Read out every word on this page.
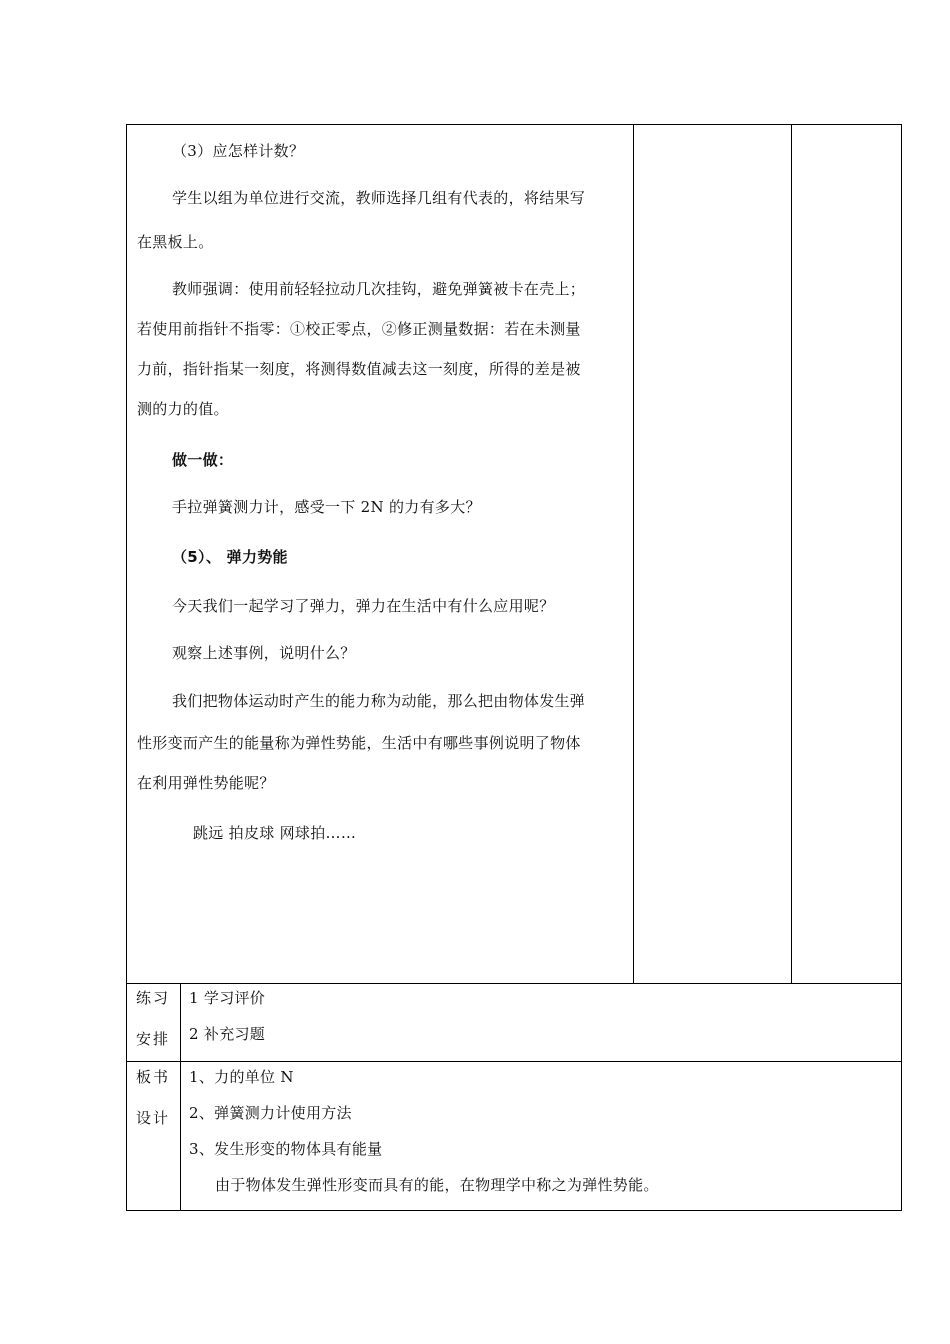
（3）应怎样计数？
学生以组为单位进行交流，教师选择几组有代表的，将结果写
在黑板上。
教师强调：使用前轻轻拉动几次挂钩，避免弹簧被卡在壳上；
若使用前指针不指零：①校正零点，②修正测量数据：若在未测量
力前，指针指某一刻度，将测得数值减去这一刻度，所得的差是被
测的力的值。
做一做：
手拉弹簧测力计，感受一下 2N 的力有多大？
（5）、 弹力势能
今天我们一起学习了弹力，弹力在生活中有什么应用呢？
观察上述事例，说明什么？
我们把物体运动时产生的能力称为动能，那么把由物体发生弹
性形变而产生的能量称为弹性势能，生活中有哪些事例说明了物体
在利用弹性势能呢？
跳远 拍皮球 网球拍……
练习
安排
1 学习评价
2 补充习题
板书
设计
1、力的单位 N
2、弹簧测力计使用方法
3、发生形变的物体具有能量
由于物体发生弹性形变而具有的能，在物理学中称之为弹性势能。
